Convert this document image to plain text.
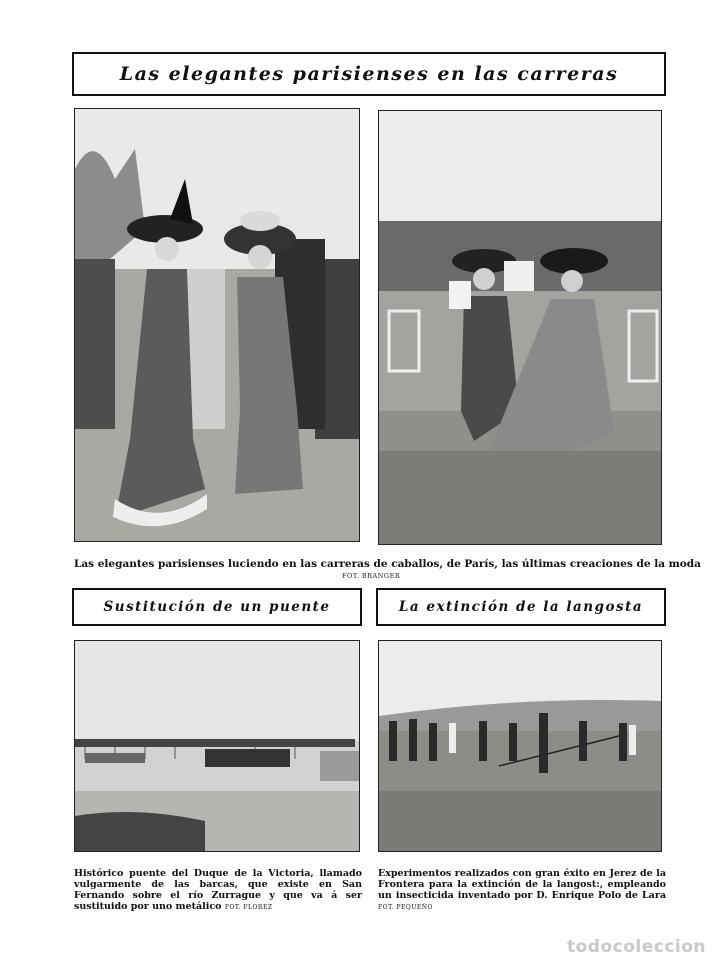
Las elegantes parisienses en las carreras
Las elegantes parisienses luciendo en las carreras de caballos, de París, las últimas creaciones de la moda
FOT. BRANGER
Sustitución de un puente	La extinción de la langosta
Histórico puente del Duque de la Victoria, llamado vulgarmente de las barcas, que existe en San Fernando sobre el río Zurrague y que va á ser sustituido por uno metálico FOT. FLOREZ
Experimentos realizados con gran éxito en Jerez de la Frontera para la extinción de la langost:, empleando un insecticida inventado por D. Enrique Polo de Lara FOT. PEQUEÑO
todocoleccion
